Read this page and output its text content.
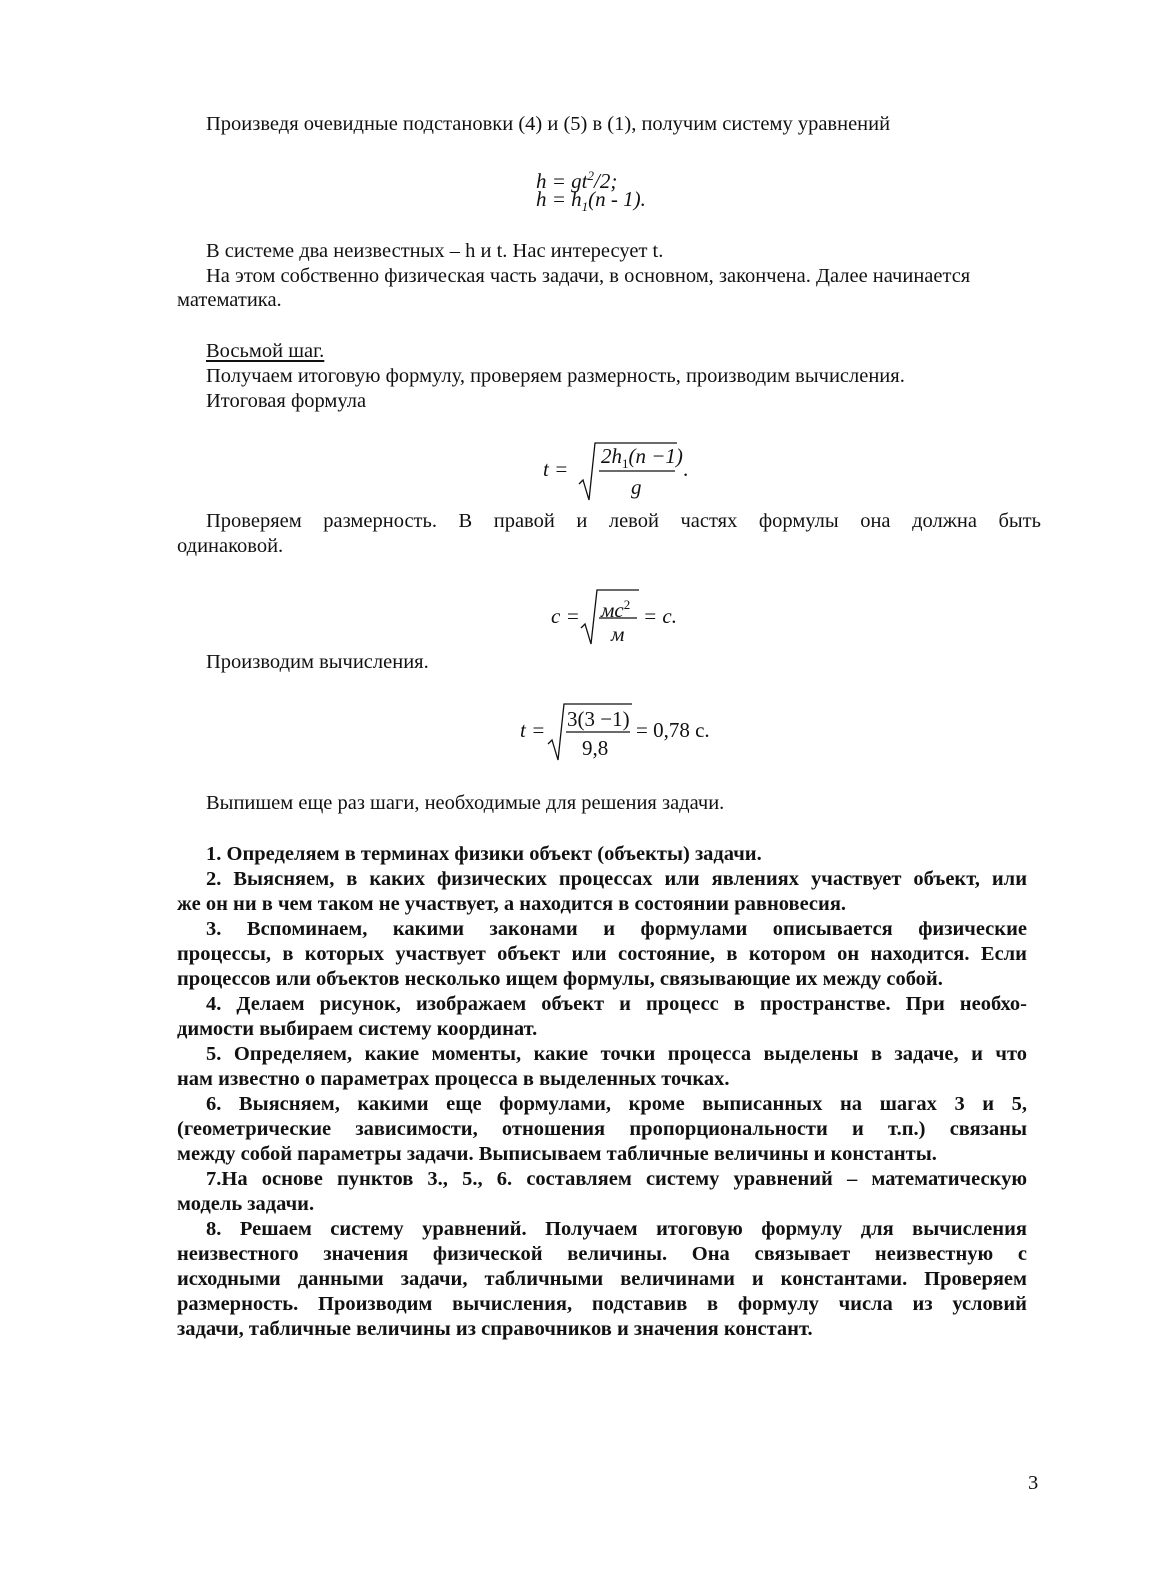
Произведя очевидные подстановки (4) и (5) в (1), получим систему уравнений
$h = gt^2/2$;
$h = h_1(n - 1)$.
В системе два неизвестных – h и t. Нас интересует t.
На этом собственно физическая часть задачи, в основном, закончена. Далее начинается
математика.
Восьмой шаг.
Получаем итоговую формулу, проверяем размерность, производим вычисления.
Итоговая формула
t =
$2h_1(n -1)$
g
.
Проверяем размерность. В правой и левой частях формулы она должна быть
одинаковой.
$c = мс^2$
м
= c.
Производим вычисления.
t = 3(3 −1)
9,8
= 0,78 c.
Выпишем еще раз шаги, необходимые для решения задачи.
1. Определяем в терминах физики объект (объекты) задачи.
2. Выясняем, в каких физических процессах или явлениях участвует объект, или
же он ни в чем таком не участвует, а находится в состоянии равновесия.
3. Вспоминаем, какими законами и формулами описывается физические
процессы, в которых участвует объект или состояние, в котором он находится. Если
процессов или объектов несколько ищем формулы, связывающие их между собой.
4. Делаем рисунок, изображаем объект и процесс в пространстве. При необхо-
димости выбираем систему координат.
5. Определяем, какие моменты, какие точки процесса выделены в задаче, и что
нам известно о параметрах процесса в выделенных точках.
6. Выясняем, какими еще формулами, кроме выписанных на шагах 3 и 5,
(геометрические зависимости, отношения пропорциональности и т.п.) связаны
между собой параметры задачи. Выписываем табличные величины и константы.
7.На основе пунктов 3., 5., 6. составляем систему уравнений – математическую
модель задачи.
8. Решаем систему уравнений. Получаем итоговую формулу для вычисления
неизвестного значения физической величины. Она связывает неизвестную с
исходными данными задачи, табличными величинами и константами. Проверяем
размерность. Производим вычисления, подставив в формулу числа из условий
задачи, табличные величины из справочников и значения констант.
3
